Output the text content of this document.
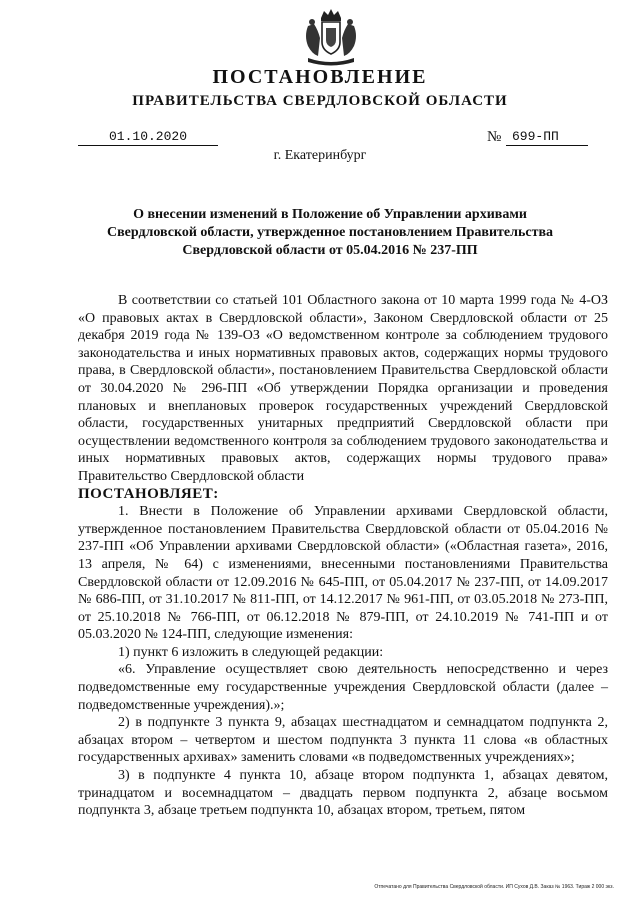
ПОСТАНОВЛЕНИЕ
ПРАВИТЕЛЬСТВА СВЕРДЛОВСКОЙ ОБЛАСТИ
01.10.2020	№ 699-ПП
г. Екатеринбург
О внесении изменений в Положение об Управлении архивами Свердловской области, утвержденное постановлением Правительства Свердловской области от 05.04.2016 № 237-ПП

В соответствии со статьей 101 Областного закона от 10 марта 1999 года № 4-ОЗ «О правовых актах в Свердловской области», Законом Свердловской области от 25 декабря 2019 года № 139-ОЗ «О ведомственном контроле за соблюдением трудового законодательства и иных нормативных правовых актов, содержащих нормы трудового права, в Свердловской области», постановлением Правительства Свердловской области от 30.04.2020 № 296-ПП «Об утверждении Порядка организации и проведения плановых и внеплановых проверок государственных учреждений Свердловской области, государственных унитарных предприятий Свердловской области при осуществлении ведомственного контроля за соблюдением трудового законодательства и иных нормативных правовых актов, содержащих нормы трудового права» Правительство Свердловской области

ПОСТАНОВЛЯЕТ:

1. Внести в Положение об Управлении архивами Свердловской области, утвержденное постановлением Правительства Свердловской области от 05.04.2016 № 237-ПП «Об Управлении архивами Свердловской области» («Областная газета», 2016, 13 апреля, № 64) с изменениями, внесенными постановлениями Правительства Свердловской области от 12.09.2016 № 645-ПП, от 05.04.2017 № 237-ПП, от 14.09.2017 № 686-ПП, от 31.10.2017 № 811-ПП, от 14.12.2017 № 961-ПП, от 03.05.2018 № 273-ПП, от 25.10.2018 № 766-ПП, от 06.12.2018 № 879-ПП, от 24.10.2019 № 741-ПП и от 05.03.2020 № 124-ПП, следующие изменения:

1) пункт 6 изложить в следующей редакции:

«6. Управление осуществляет свою деятельность непосредственно и через подведомственные ему государственные учреждения Свердловской области (далее – подведомственные учреждения).»;

2) в подпункте 3 пункта 9, абзацах шестнадцатом и семнадцатом подпункта 2, абзацах втором – четвертом и шестом подпункта 3 пункта 11 слова «в областных государственных архивах» заменить словами «в подведомственных учреждениях»;

3) в подпункте 4 пункта 10, абзаце втором подпункта 1, абзацах девятом, тринадцатом и восемнадцатом – двадцать первом подпункта 2, абзаце восьмом подпункта 3, абзаце третьем подпункта 10, абзацах втором, третьем, пятом

Отпечатано для Правительства Свердловской области. ИП Сухов Д.В. Заказ № 1963. Тираж 2 000 экз.
